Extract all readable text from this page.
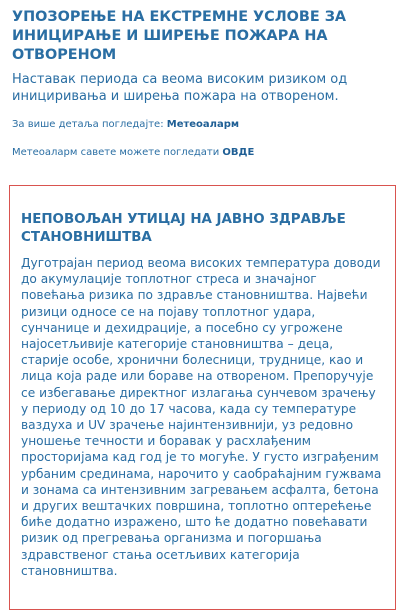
УПОЗОРЕЊЕ НА ЕКСТРЕМНЕ УСЛОВЕ ЗА ИНИЦИРАЊЕ И ШИРЕЊЕ ПОЖАРА НА ОТВОРЕНОМ

Наставак периода са веома високим ризиком од инициривања и ширења пожара на отвореном.

За више детаља погледајте: Метеоаларм

Метеоаларм савете можете погледати ОВДЕ

НЕПОВОЉАН УТИЦАЈ НА ЈАВНО ЗДРАВЉЕ СТАНОВНИШТВА

Дуготрајан период веома високих температура доводи до акумулације топлотног стреса и значајног повећања ризика по здравље становништва. Највећи ризици односе се на појаву топлотног удара, сунчанице и дехидрације, а посебно су угрожене најосетљивије категорије становништва – деца, старије особе, хронични болесници, труднице, као и лица која раде или боравe на отвореном. Препоручује се избегавање директног излагања сунчевом зрачењу у периоду од 10 до 17 часова, када су температуре ваздуха и UV зрачење најинтензивнији, уз редовно уношење течности и боравак у расхлађеним просторијама кад год је то могуће. У густо изграђеним урбаним срединама, нарочито у саобраћајним гужвама и зонама са интензивним загревањем асфалта, бетона и других вештачких површина, топлотно оптерећење биће додатно изражено, што ће додатно повећавати ризик од прегревања организма и погоршања здравственог стања осетљивих категорија становништва.
